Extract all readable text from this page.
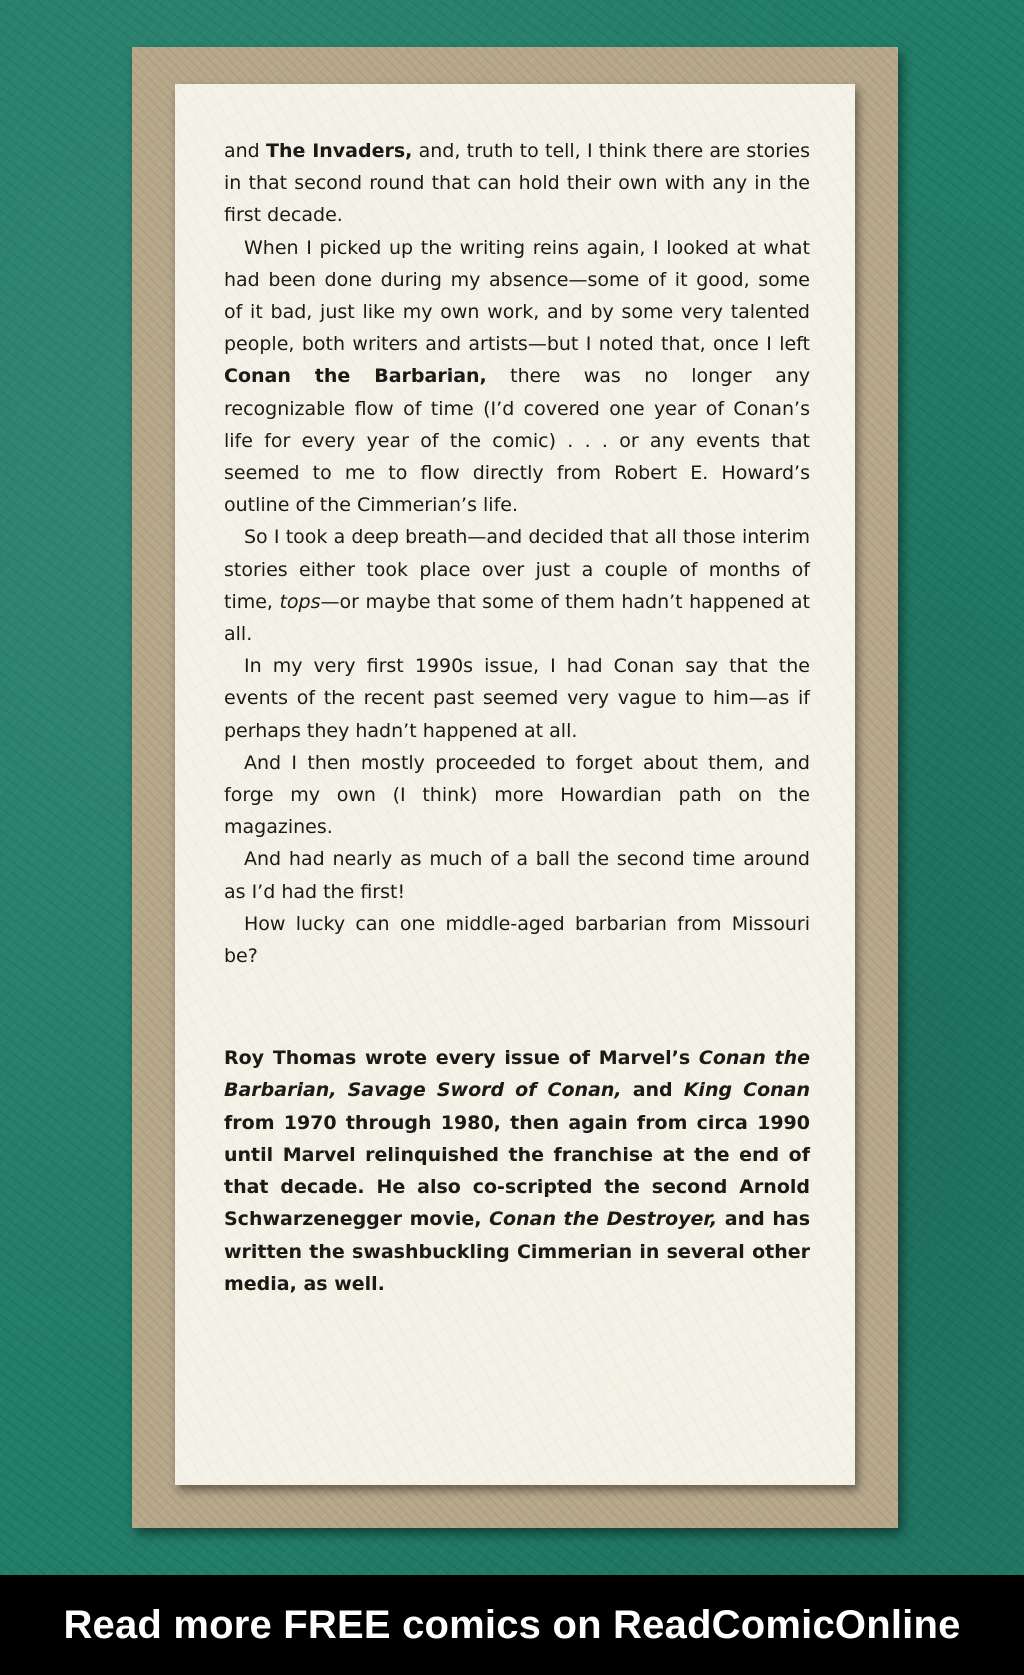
and The Invaders, and, truth to tell, I think there are stories in that second round that can hold their own with any in the first decade.

When I picked up the writing reins again, I looked at what had been done during my absence—some of it good, some of it bad, just like my own work, and by some very talented people, both writers and artists—but I noted that, once I left Conan the Barbarian, there was no longer any recognizable flow of time (I’d covered one year of Conan’s life for every year of the comic) . . . or any events that seemed to me to flow directly from Robert E. Howard’s outline of the Cimmerian’s life.

So I took a deep breath—and decided that all those interim stories either took place over just a couple of months of time, tops—or maybe that some of them hadn’t happened at all.

In my very first 1990s issue, I had Conan say that the events of the recent past seemed very vague to him—as if perhaps they hadn’t happened at all.

And I then mostly proceeded to forget about them, and forge my own (I think) more Howardian path on the magazines.

And had nearly as much of a ball the second time around as I’d had the first!

How lucky can one middle-aged barbarian from Missouri be?

Roy Thomas wrote every issue of Marvel’s Conan the Barbarian, Savage Sword of Conan, and King Conan from 1970 through 1980, then again from circa 1990 until Marvel relinquished the franchise at the end of that decade. He also co-scripted the second Arnold Schwarzenegger movie, Conan the Destroyer, and has written the swashbuckling Cimmerian in several other media, as well.

Read more FREE comics on ReadComicOnline
